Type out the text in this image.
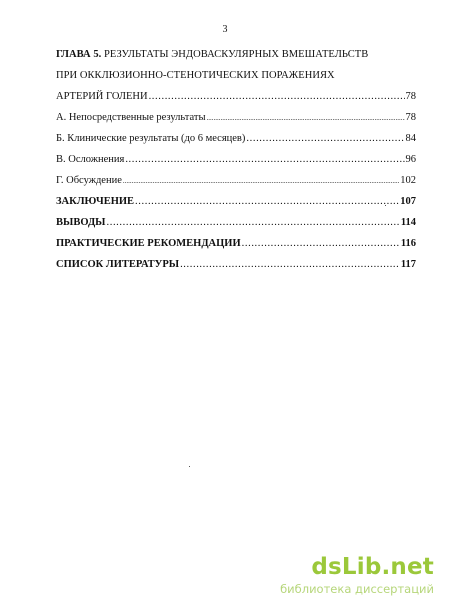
3
ГЛАВА 5. РЕЗУЛЬТАТЫ ЭНДОВАСКУЛЯРНЫХ ВМЕШАТЕЛЬСТВ
ПРИ ОККЛЮЗИОННО-СТЕНОТИЧЕСКИХ ПОРАЖЕНИЯХ
АРТЕРИЙ ГОЛЕНИ .....	78
А. Непосредственные результаты .....	78
Б. Клинические результаты (до 6 месяцев) .....	84
В. Осложнения .....	96
Г. Обсуждение .....	102
ЗАКЛЮЧЕНИЕ .....	107
ВЫВОДЫ .....	114
ПРАКТИЧЕСКИЕ РЕКОМЕНДАЦИИ .....	116
СПИСОК ЛИТЕРАТУРЫ .....	117
dsLib.net
библиотека диссертаций
